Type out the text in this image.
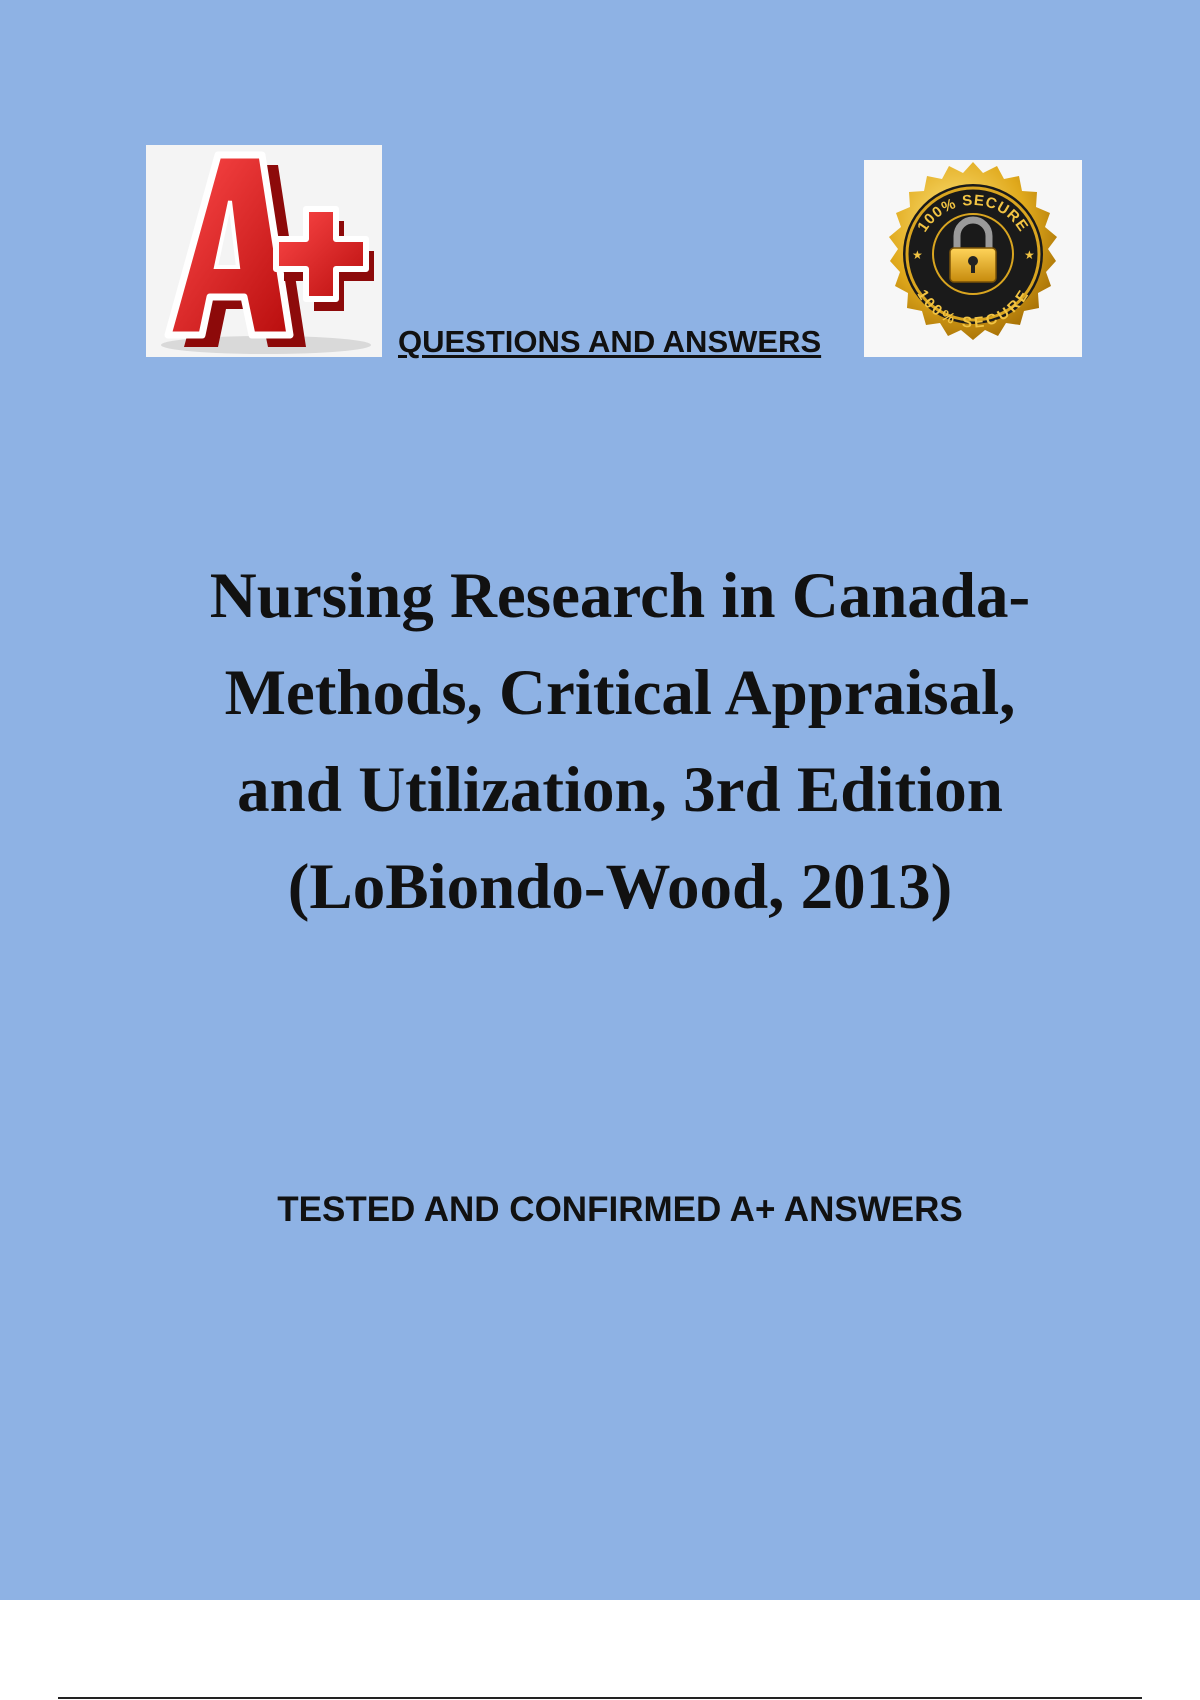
100% SECURE
100% SECURE
★	★
QUESTIONS AND ANSWERS
Nursing Research in Canada-
Methods, Critical Appraisal,
and Utilization, 3rd Edition
(LoBiondo-Wood, 2013)
TESTED AND CONFIRMED A+ ANSWERS
